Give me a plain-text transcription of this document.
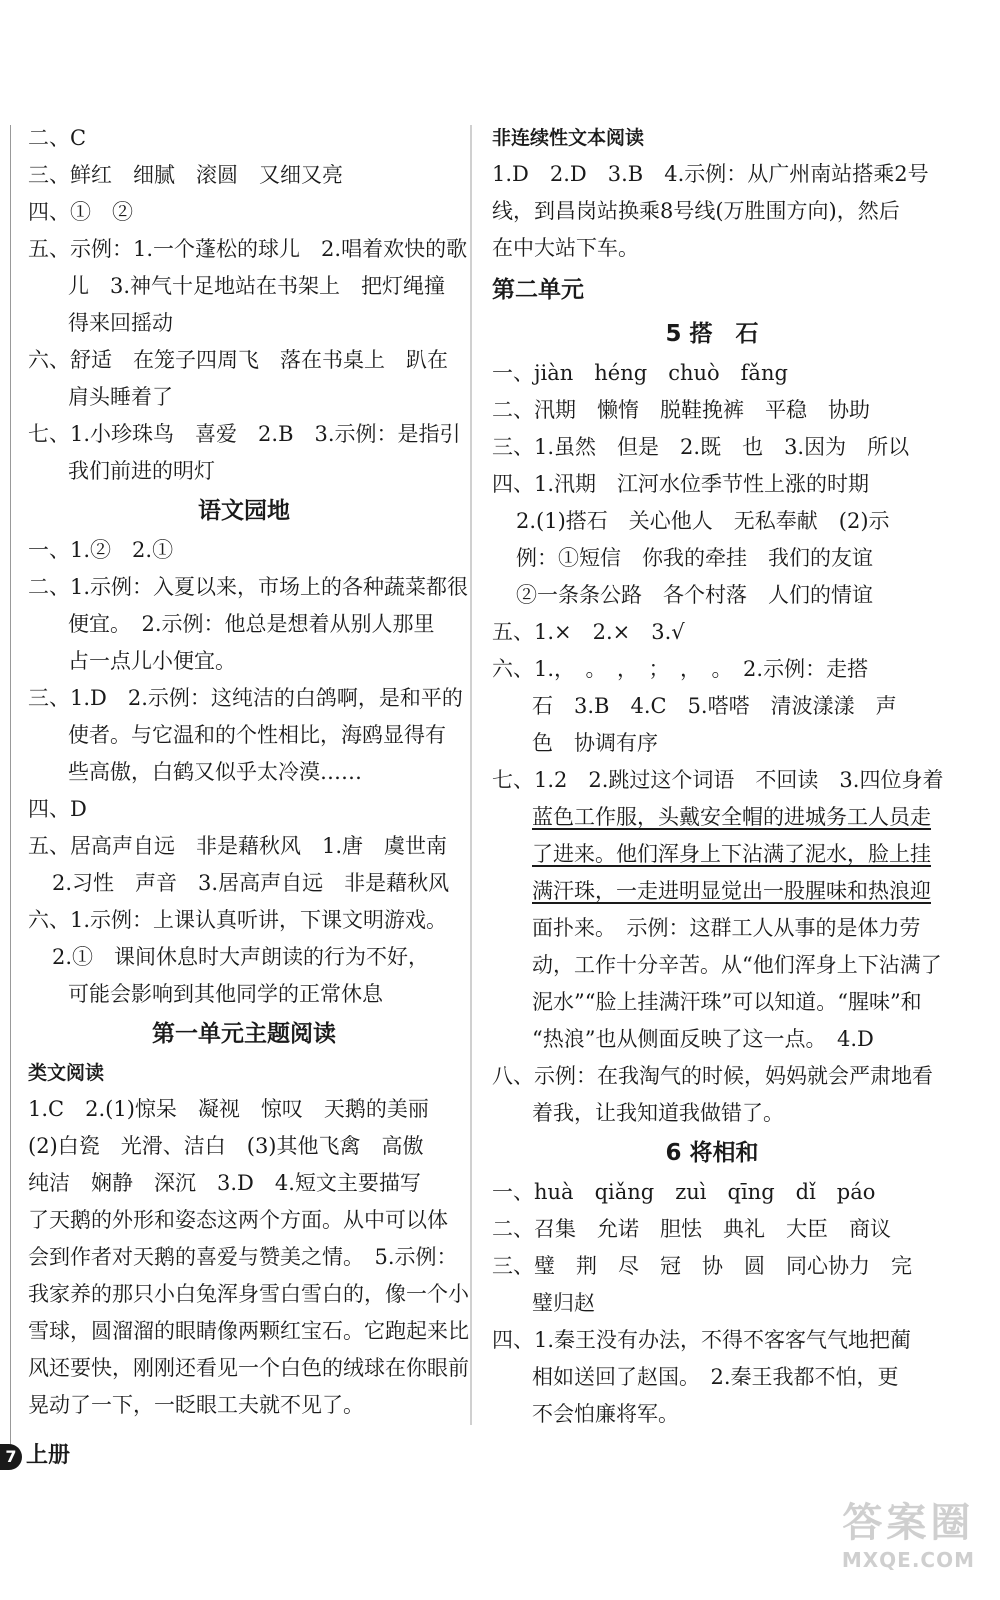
二、C
三、鲜红　细腻　滚圆　又细又亮
四、①　②
五、示例：1.一个蓬松的球儿　2.唱着欢快的歌
儿　3.神气十足地站在书架上　把灯绳撞
得来回摇动
六、舒适　在笼子四周飞　落在书桌上　趴在
肩头睡着了
七、1.小珍珠鸟　喜爱　2.B　3.示例：是指引
我们前进的明灯
语文园地
一、1.②　2.①
二、1.示例：入夏以来，市场上的各种蔬菜都很
便宜。　2.示例：他总是想着从别人那里
占一点儿小便宜。
三、1.D　2.示例：这纯洁的白鸽啊，是和平的
使者。与它温和的个性相比，海鸥显得有
些高傲，白鹤又似乎太冷漠……
四、D
五、居高声自远　非是藉秋风　1.唐　虞世南
2.习性　声音　3.居高声自远　非是藉秋风
六、1.示例：上课认真听讲，下课文明游戏。
2.①　课间休息时大声朗读的行为不好，
可能会影响到其他同学的正常休息
第一单元主题阅读
类文阅读
1.C　2.(1)惊呆　凝视　惊叹　天鹅的美丽
(2)白瓷　光滑、洁白　(3)其他飞禽　高傲
纯洁　娴静　深沉　3.D　4.短文主要描写
了天鹅的外形和姿态这两个方面。从中可以体
会到作者对天鹅的喜爱与赞美之情。　5.示例：
我家养的那只小白兔浑身雪白雪白的，像一个小
雪球，圆溜溜的眼睛像两颗红宝石。它跑起来比
风还要快，刚刚还看见一个白色的绒球在你眼前
晃动了一下，一眨眼工夫就不见了。
非连续性文本阅读
1.D　2.D　3.B　4.示例：从广州南站搭乘2号
线，到昌岗站换乘8号线(万胜围方向)，然后
在中大站下车。
第二单元
5 搭　石
一、jiàn　héng　chuò　fǎng
二、汛期　懒惰　脱鞋挽裤　平稳　协助
三、1.虽然　但是　2.既　也　3.因为　所以
四、1.汛期　江河水位季节性上涨的时期
2.(1)搭石　关心他人　无私奉献　(2)示
例：①短信　你我的牵挂　我们的友谊
②一条条公路　各个村落　人们的情谊
五、1.×　2.×　3.√
六、1.，　。　，　；　，　。　2.示例：走搭
石　3.B　4.C　5.嗒嗒　清波漾漾　声
色　协调有序
七、1.2　2.跳过这个词语　不回读　3.四位身着
蓝色工作服，头戴安全帽的进城务工人员走
了进来。他们浑身上下沾满了泥水，脸上挂
满汗珠，一走进明显觉出一股腥味和热浪迎
面扑来。　示例：这群工人从事的是体力劳
动，工作十分辛苦。从“他们浑身上下沾满了
泥水”“脸上挂满汗珠”可以知道。“腥味”和
“热浪”也从侧面反映了这一点。　4.D
八、示例：在我淘气的时候，妈妈就会严肃地看
着我，让我知道我做错了。
6 将相和
一、huà　qiǎng　zuì　qīng　dǐ　páo
二、召集　允诺　胆怯　典礼　大臣　商议
三、璧　荆　尽　冠　协　圆　同心协力　完
璧归赵
四、1.秦王没有办法，不得不客客气气地把蔺
相如送回了赵国。　2.秦王我都不怕，更
不会怕廉将军。
7 上册
答案圈
MXQE.COM
